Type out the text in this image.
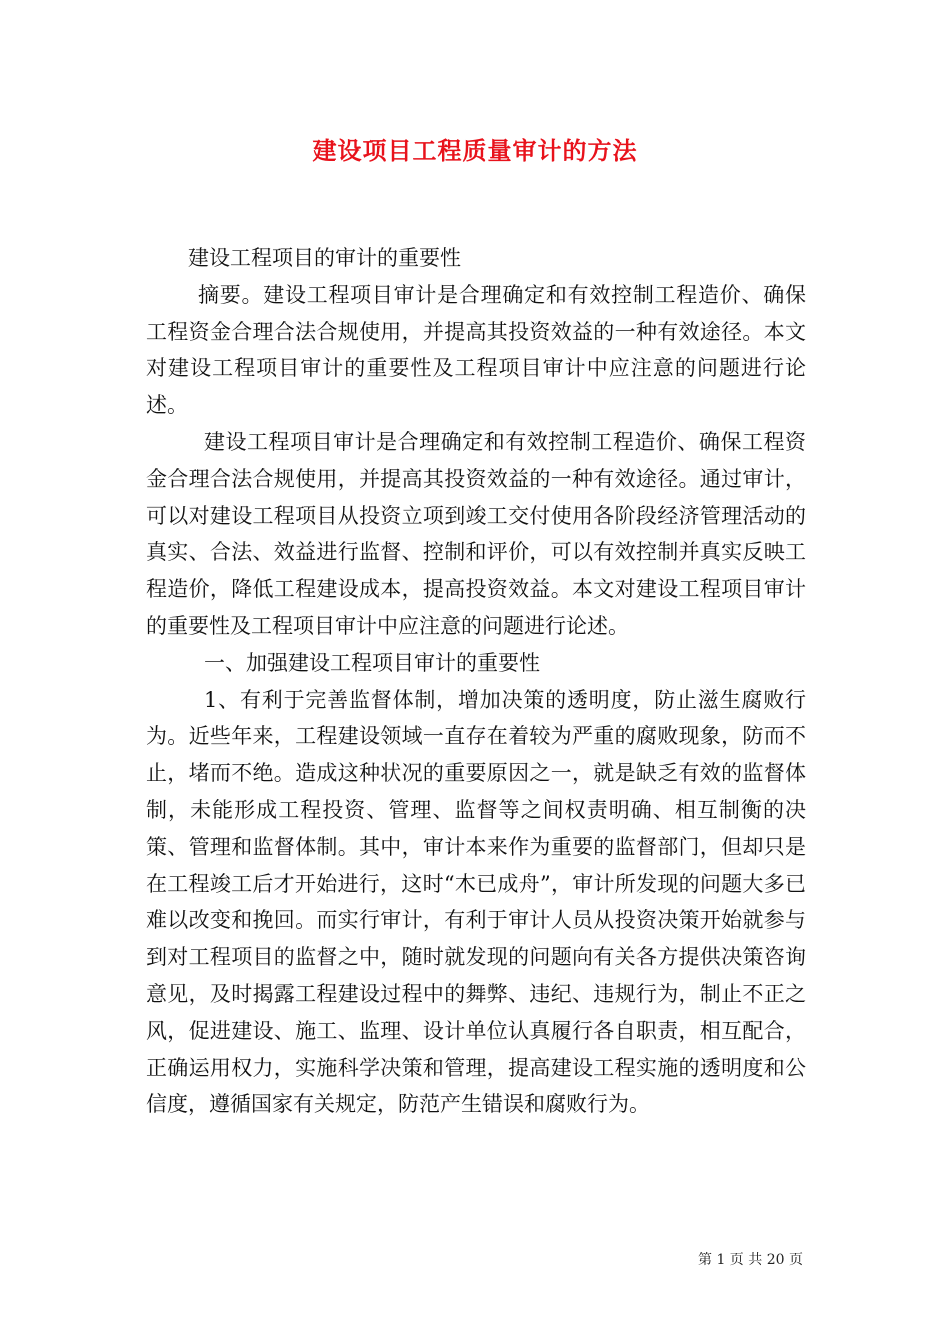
建设项目工程质量审计的方法

建设工程项目的审计的重要性

摘要。建设工程项目审计是合理确定和有效控制工程造价、确保工程资金合理合法合规使用，并提高其投资效益的一种有效途径。本文对建设工程项目审计的重要性及工程项目审计中应注意的问题进行论述。

建设工程项目审计是合理确定和有效控制工程造价、确保工程资金合理合法合规使用，并提高其投资效益的一种有效途径。通过审计，可以对建设工程项目从投资立项到竣工交付使用各阶段经济管理活动的真实、合法、效益进行监督、控制和评价，可以有效控制并真实反映工程造价，降低工程建设成本，提高投资效益。本文对建设工程项目审计的重要性及工程项目审计中应注意的问题进行论述。

一、加强建设工程项目审计的重要性

1、有利于完善监督体制，增加决策的透明度，防止滋生腐败行为。近些年来，工程建设领域一直存在着较为严重的腐败现象，防而不止，堵而不绝。造成这种状况的重要原因之一，就是缺乏有效的监督体制，未能形成工程投资、管理、监督等之间权责明确、相互制衡的决策、管理和监督体制。其中，审计本来作为重要的监督部门，但却只是在工程竣工后才开始进行，这时“木已成舟”，审计所发现的问题大多已难以改变和挽回。而实行审计，有利于审计人员从投资决策开始就参与到对工程项目的监督之中，随时就发现的问题向有关各方提供决策咨询意见，及时揭露工程建设过程中的舞弊、违纪、违规行为，制止不正之风，促进建设、施工、监理、设计单位认真履行各自职责，相互配合，正确运用权力，实施科学决策和管理，提高建设工程实施的透明度和公信度，遵循国家有关规定，防范产生错误和腐败行为。

第 1 页 共 20 页
